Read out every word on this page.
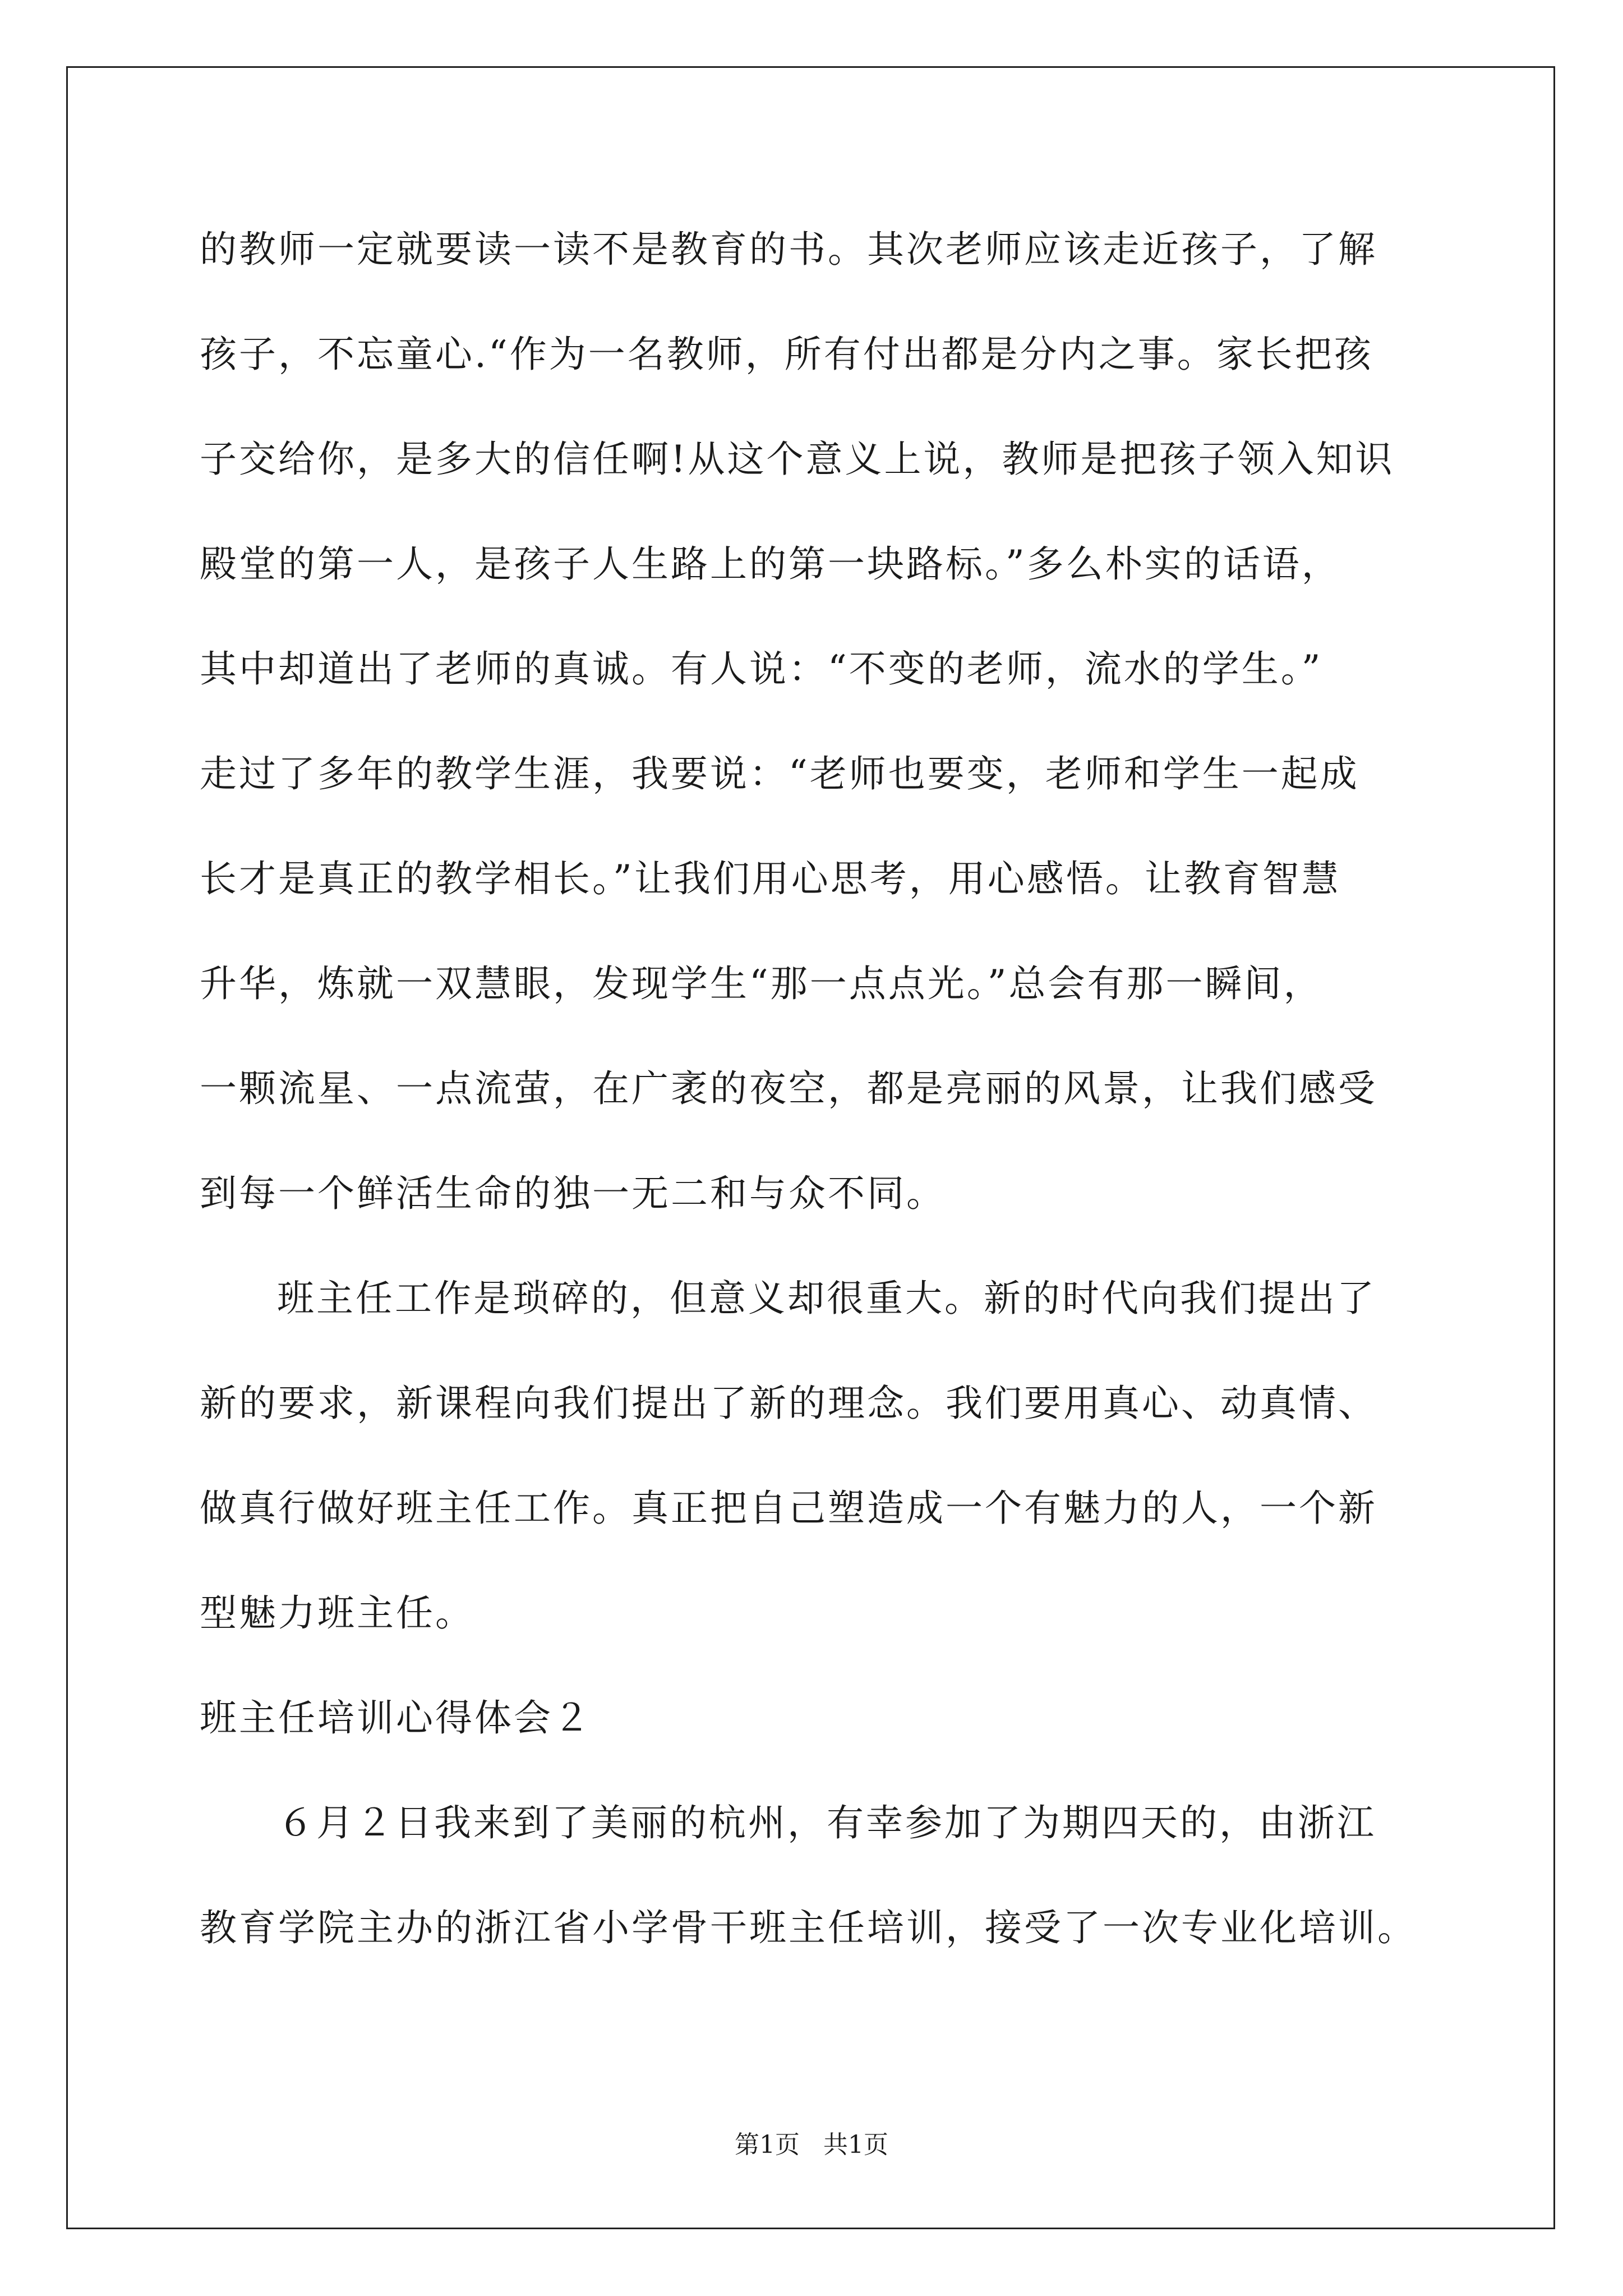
的教师一定就要读一读不是教育的书。其次老师应该走近孩子，了解
孩子，不忘童心.“作为一名教师，所有付出都是分内之事。家长把孩
子交给你，是多大的信任啊!从这个意义上说，教师是把孩子领入知识
殿堂的第一人，是孩子人生路上的第一块路标。”多么朴实的话语，
其中却道出了老师的真诚。有人说：“不变的老师，流水的学生。”
走过了多年的教学生涯，我要说：“老师也要变，老师和学生一起成
长才是真正的教学相长。”让我们用心思考，用心感悟。让教育智慧
升华，炼就一双慧眼，发现学生“那一点点光。”总会有那一瞬间，
一颗流星、一点流萤，在广袤的夜空，都是亮丽的风景，让我们感受
到每一个鲜活生命的独一无二和与众不同。
班主任工作是琐碎的，但意义却很重大。新的时代向我们提出了
新的要求，新课程向我们提出了新的理念。我们要用真心、动真情、
做真行做好班主任工作。真正把自己塑造成一个有魅力的人，一个新
型魅力班主任。
班主任培训心得体会２
６月２日我来到了美丽的杭州，有幸参加了为期四天的，由浙江
教育学院主办的浙江省小学骨干班主任培训，接受了一次专业化培训。
第1页   共1页
